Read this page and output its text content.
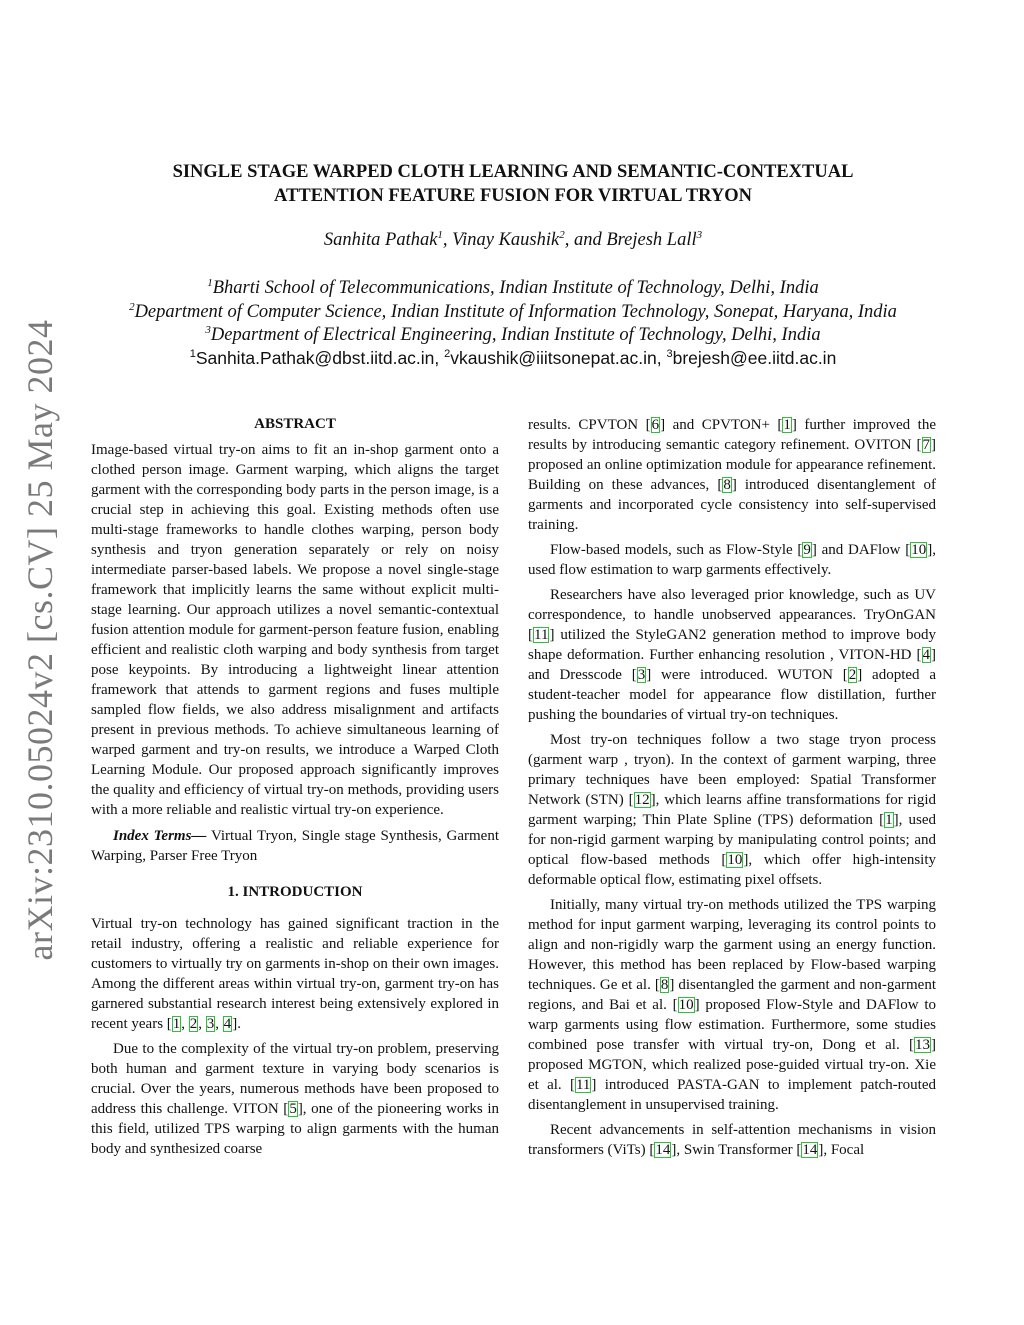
arXiv:2310.05024v2 [cs.CV] 25 May 2024
SINGLE STAGE WARPED CLOTH LEARNING AND SEMANTIC-CONTEXTUAL
ATTENTION FEATURE FUSION FOR VIRTUAL TRYON
Sanhita Pathak$^1$, Vinay Kaushik$^2$, and Brejesh Lall$^3$
$^1$Bharti School of Telecommunications, Indian Institute of Technology, Delhi, India
$^2$Department of Computer Science, Indian Institute of Information Technology, Sonepat, Haryana, India
$^3$Department of Electrical Engineering, Indian Institute of Technology, Delhi, India
$^1$Sanhita.Pathak@dbst.iitd.ac.in, $^2$vkaushik@iiitsonepat.ac.in, $^3$brejesh@ee.iitd.ac.in
ABSTRACT

Image-based virtual try-on aims to fit an in-shop garment onto a clothed person image. Garment warping, which aligns the target garment with the corresponding body parts in the person image, is a crucial step in achieving this goal. Existing methods often use multi-stage frameworks to handle clothes warping, person body synthesis and tryon generation separately or rely on noisy intermediate parser-based labels. We propose a novel single-stage framework that implicitly learns the same without explicit multi-stage learning. Our approach utilizes a novel semantic-contextual fusion attention module for garment-person feature fusion, enabling efficient and realistic cloth warping and body synthesis from target pose keypoints. By introducing a lightweight linear attention framework that attends to garment regions and fuses multiple sampled flow fields, we also address misalignment and artifacts present in previous methods. To achieve simultaneous learning of warped garment and try-on results, we introduce a Warped Cloth Learning Module. Our proposed approach significantly improves the quality and efficiency of virtual try-on methods, providing users with a more reliable and realistic virtual try-on experience.

Index Terms— Virtual Tryon, Single stage Synthesis, Garment Warping, Parser Free Tryon

1. INTRODUCTION

Virtual try-on technology has gained significant traction in the retail industry, offering a realistic and reliable experience for customers to virtually try on garments in-shop on their own images. Among the different areas within virtual try-on, garment try-on has garnered substantial research interest being extensively explored in recent years [1, 2, 3, 4].

Due to the complexity of the virtual try-on problem, preserving both human and garment texture in varying body scenarios is crucial. Over the years, numerous methods have been proposed to address this challenge. VITON [5], one of the pioneering works in this field, utilized TPS warping to align garments with the human body and synthesized coarse

results. CPVTON [6] and CPVTON+ [1] further improved the results by introducing semantic category refinement. OVITON [7] proposed an online optimization module for appearance refinement. Building on these advances, [8] introduced disentanglement of garments and incorporated cycle consistency into self-supervised training.

Flow-based models, such as Flow-Style [9] and DAFlow [10], used flow estimation to warp garments effectively.

Researchers have also leveraged prior knowledge, such as UV correspondence, to handle unobserved appearances. TryOnGAN [11] utilized the StyleGAN2 generation method to improve body shape deformation. Further enhancing resolution , VITON-HD [4] and Dresscode [3] were introduced. WUTON [2] adopted a student-teacher model for appearance flow distillation, further pushing the boundaries of virtual try-on techniques.

Most try-on techniques follow a two stage tryon process (garment warp , tryon). In the context of garment warping, three primary techniques have been employed: Spatial Transformer Network (STN) [12], which learns affine transformations for rigid garment warping; Thin Plate Spline (TPS) deformation [1], used for non-rigid garment warping by manipulating control points; and optical flow-based methods [10], which offer high-intensity deformable optical flow, estimating pixel offsets.

Initially, many virtual try-on methods utilized the TPS warping method for input garment warping, leveraging its control points to align and non-rigidly warp the garment using an energy function. However, this method has been replaced by Flow-based warping techniques. Ge et al. [8] disentangled the garment and non-garment regions, and Bai et al. [10] proposed Flow-Style and DAFlow to warp garments using flow estimation. Furthermore, some studies combined pose transfer with virtual try-on, Dong et al. [13] proposed MGTON, which realized pose-guided virtual try-on. Xie et al. [11] introduced PASTA-GAN to implement patch-routed disentanglement in unsupervised training.

Recent advancements in self-attention mechanisms in vision transformers (ViTs) [14], Swin Transformer [14], Focal
